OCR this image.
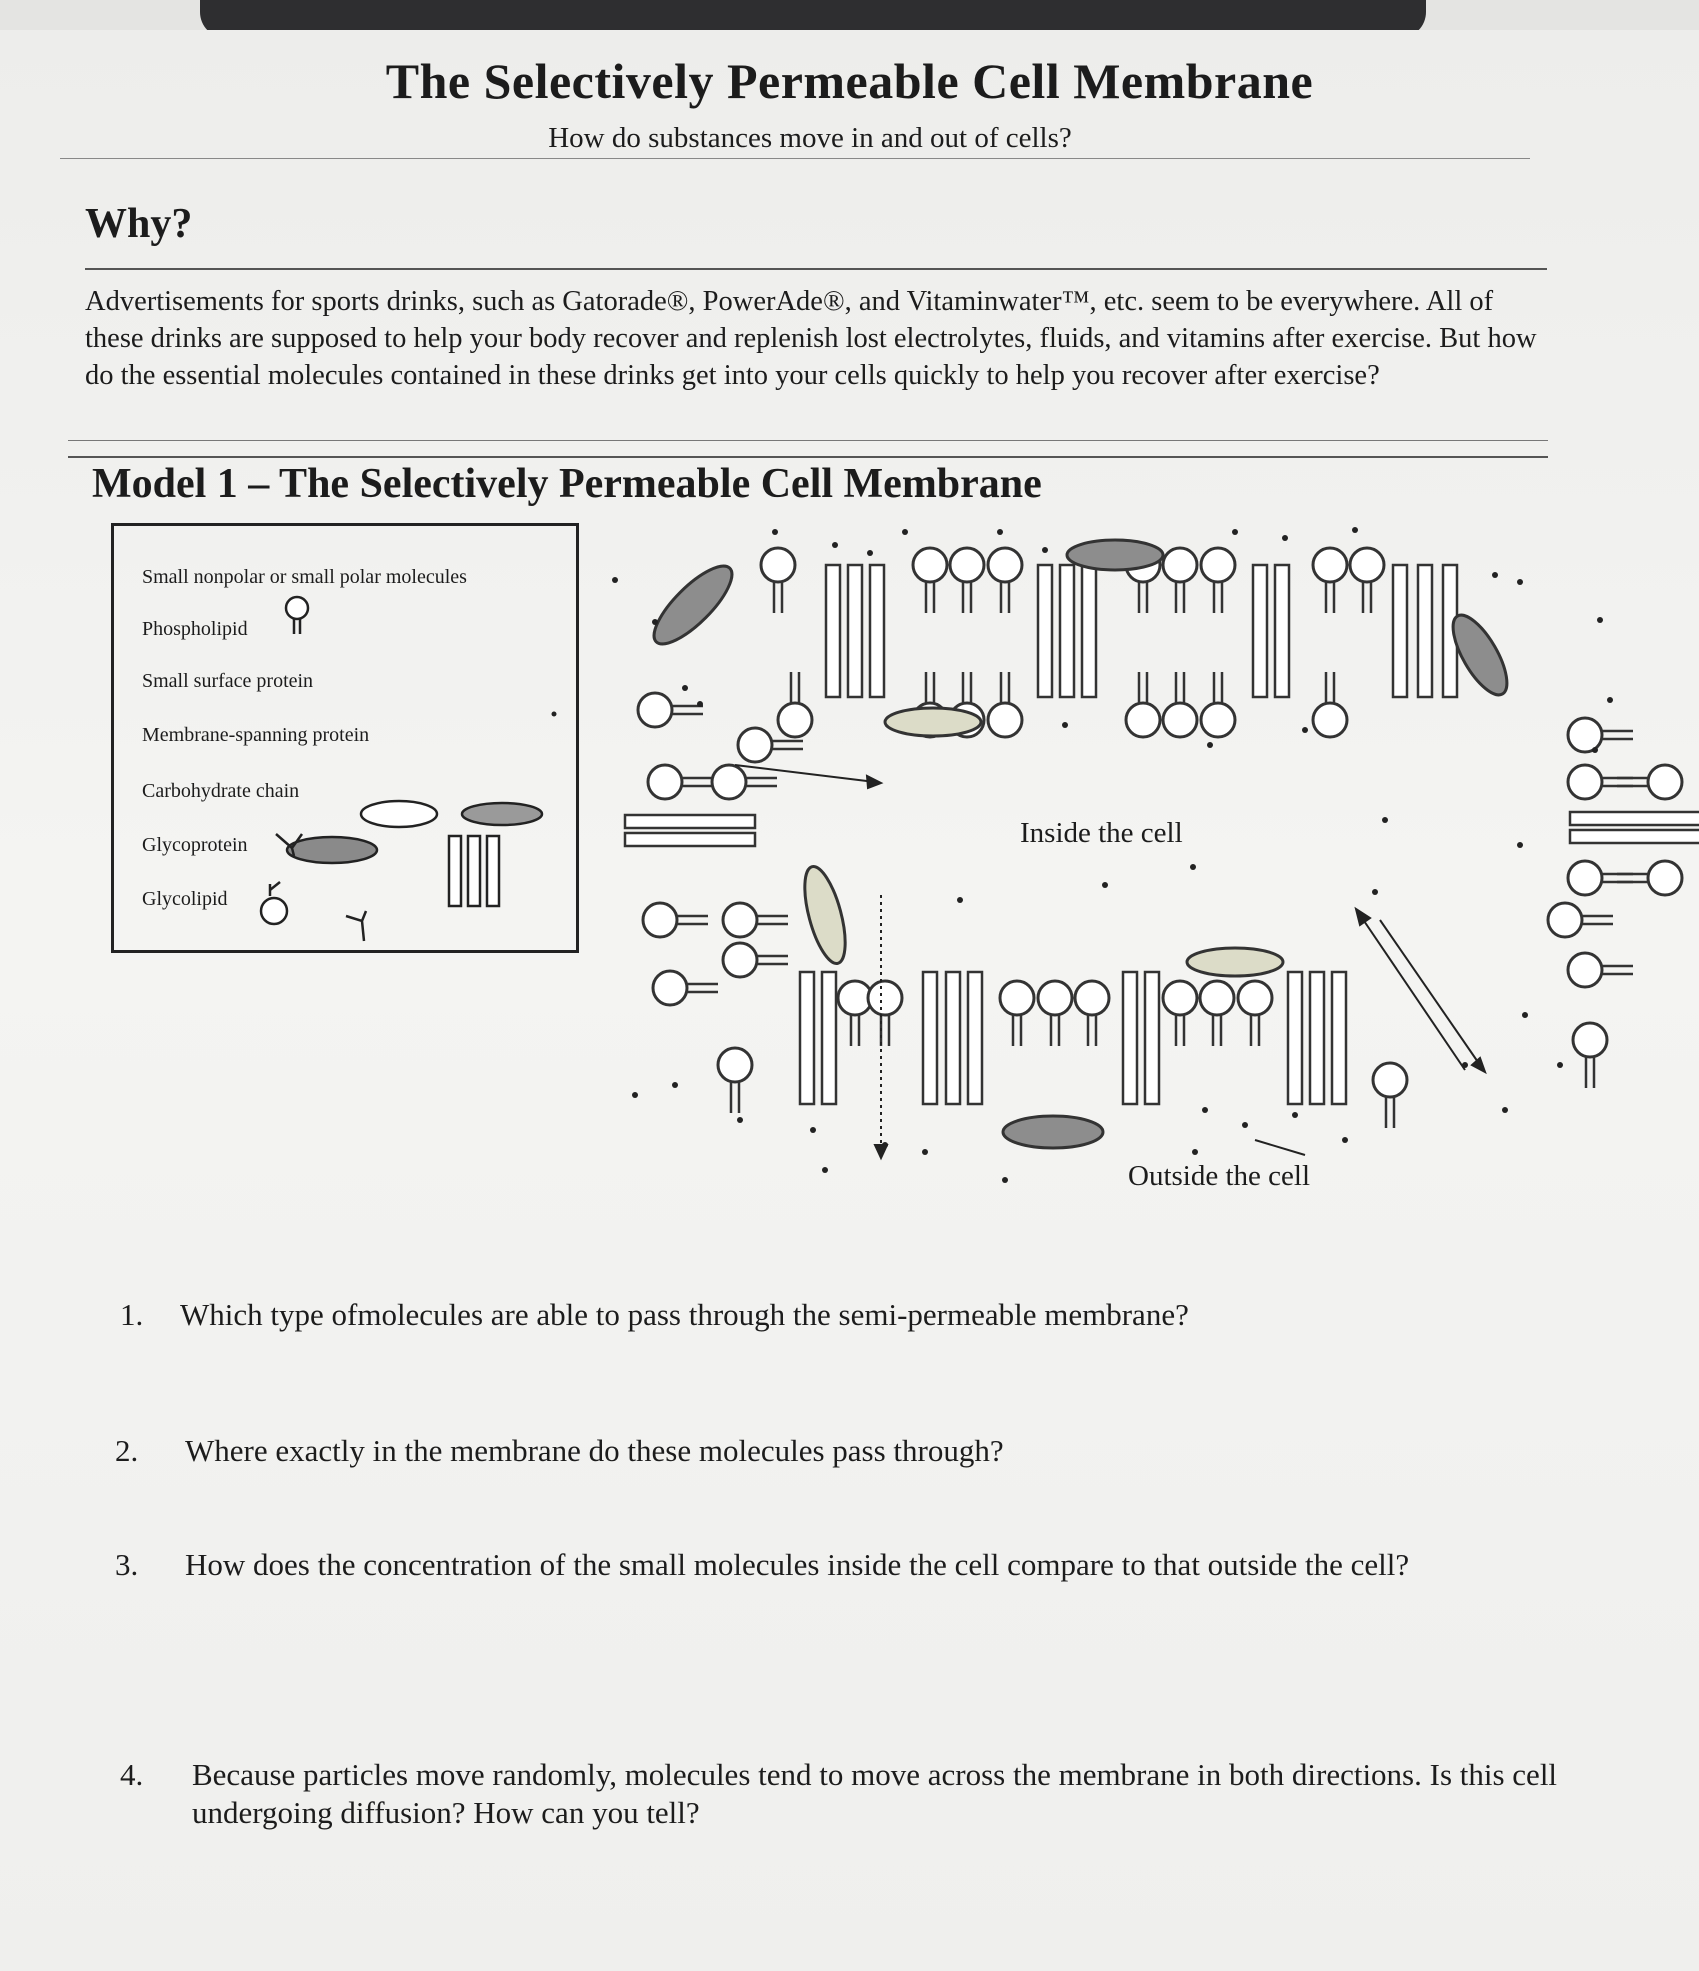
The Selectively Permeable Cell Membrane
How do substances move in and out of cells?
Why?
Advertisements for sports drinks, such as Gatorade®, PowerAde®, and Vitaminwater™, etc. seem to be everywhere. All of these drinks are supposed to help your body recover and replenish lost electrolytes, fluids, and vitamins after exercise. But how do the essential molecules contained in these drinks get into your cells quickly to help you recover after exercise?
Model 1 – The Selectively Permeable Cell Membrane
Small nonpolar or small polar molecules
Phospholipid
Small surface protein
Membrane-spanning protein
Carbohydrate chain
Glycoprotein
Glycolipid
Inside the cell
Outside the cell
1. Which type ofmolecules are able to pass through the semi-permeable membrane?
2. Where exactly in the membrane do these molecules pass through?
3. How does the concentration of the small molecules inside the cell compare to that outside the cell?
4.	Because particles move randomly, molecules tend to move across the membrane in both directions. Is this cell undergoing diffusion? How can you tell?
